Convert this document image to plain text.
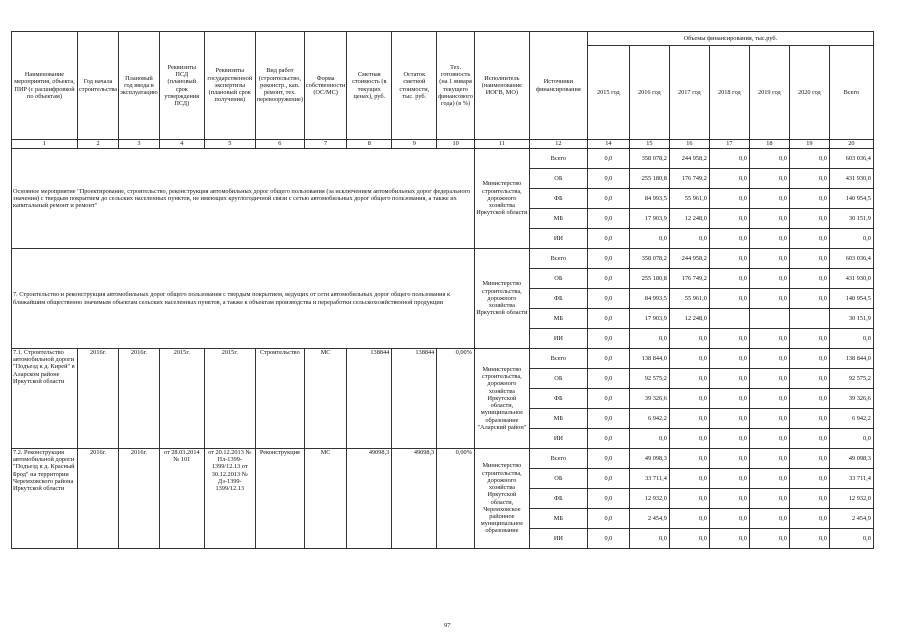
Наименование мероприятия, объекта, ПИР (с расшифровкой по объектам)	Год начала строительства	Плановый год ввода в эксплуатацию	Реквизиты ПСД (плановый срок утверждения ПСД)	Реквизиты государственной экспертизы (плановый срок получения)	Вид работ (строительство, реконстр., кап. ремонт, тех. перевооружение)	Форма собственности (ОС/МС)	Сметная стоимость (в текущих ценах), руб.	Остаток сметной стоимости, тыс. руб.	Тех. готовность (на 1 января текущего финансового года) (в %)	Исполнитель (наименование ИОГВ, МО)	Источники финансирования	Объемы финансирования, тыс.руб.						
												2015 год	2016 год	2017 год	2018 год	2019 год	2020 год	Всего
1	2	3	4	5	6	7	8	9	10	11	12	14	15	16	17	18	19	20
Основное мероприятие "Проектирование, строительство, реконструкция автомобильных дорог общего пользования (за исключением автомобильных дорог федерального значения) с твердым покрытием до сельских населенных пунктов, не имеющих круглогодичной связи с сетью автомобильных дорог общего пользования, а также их капитальный ремонт и ремонт"										Министерство строительства, дорожного хозяйства Иркутской области	Всего	0,0	358 078,2	244 958,2	0,0	0,0	0,0	603 036,4
											ОБ	0,0	255 180,8	176 749,2	0,0	0,0	0,0	431 930,0
											ФБ	0,0	84 993,5	55 961,0	0,0	0,0	0,0	140 954,5
											МБ	0,0	17 903,9	12 248,0	0,0	0,0	0,0	30 151,9
											ИИ	0,0	0,0	0,0	0,0	0,0	0,0	0,0
7. Строительство и реконструкция автомобильных дорог общего пользования с твердым покрытием, ведущих от сети автомобильных дорог общего пользования к ближайшим общественно значимым объектам сельских населенных пунктов, а также к объектам производства и переработки сельскохозяйственной продукции										Министерство строительства, дорожного хозяйства Иркутской области	Всего	0,0	358 078,2	244 958,2	0,0	0,0	0,0	603 036,4
											ОБ	0,0	255 180,8	176 749,2	0,0	0,0	0,0	431 930,0
											ФБ	0,0	84 993,5	55 961,0	0,0	0,0	0,0	140 954,5
											МБ	0,0	17 903,9	12 248,0				30 151,9
											ИИ	0,0	0,0	0,0	0,0	0,0	0,0	0,0
7.1. Строительство автомобильной дороги "Подъезд к д. Кирей" в Аларском районе Иркутской области	2016г.	2016г.	2015г.	2015г.	Строительство	МС	138844	138844	0,00%	Министерство строительства, дорожного хозяйства Иркутской области, муниципальное образование "Аларский район"	Всего	0,0	138 844,0	0,0	0,0	0,0	0,0	138 844,0
											ОБ	0,0	92 575,2	0,0	0,0	0,0	0,0	92 575,2
											ФБ	0,0	39 326,6	0,0	0,0	0,0	0,0	39 326,6
											МБ	0,0	6 942,2	0,0	0,0	0,0	0,0	6 942,2
											ИИ	0,0	0,0	0,0	0,0	0,0	0,0	0,0
7.2. Реконструкция автомобильной дороги "Подъезд к д. Красный Брод" на территории Черемховского района Иркутской области	2016г.	2016г.	от 28.03.2014 № 101	от 20.12.2013 № Пл-1399-1399/12.13 от 30.12.2013 № Дз-1399-1399/12.13	Реконструкция	МС	49098,3	49098,3	0,00%	Министерство строительства, дорожного хозяйства Иркутской области, Черемховское районное муниципальное образование	Всего	0,0	49 098,3	0,0	0,0	0,0	0,0	49 098,3
											ОБ	0,0	33 711,4	0,0	0,0	0,0	0,0	33 711,4
											ФБ	0,0	12 932,0	0,0	0,0	0,0	0,0	12 932,0
											МБ	0,0	2 454,9	0,0	0,0	0,0	0,0	2 454,9
											ИИ	0,0	0,0	0,0	0,0	0,0	0,0	0,0
97
